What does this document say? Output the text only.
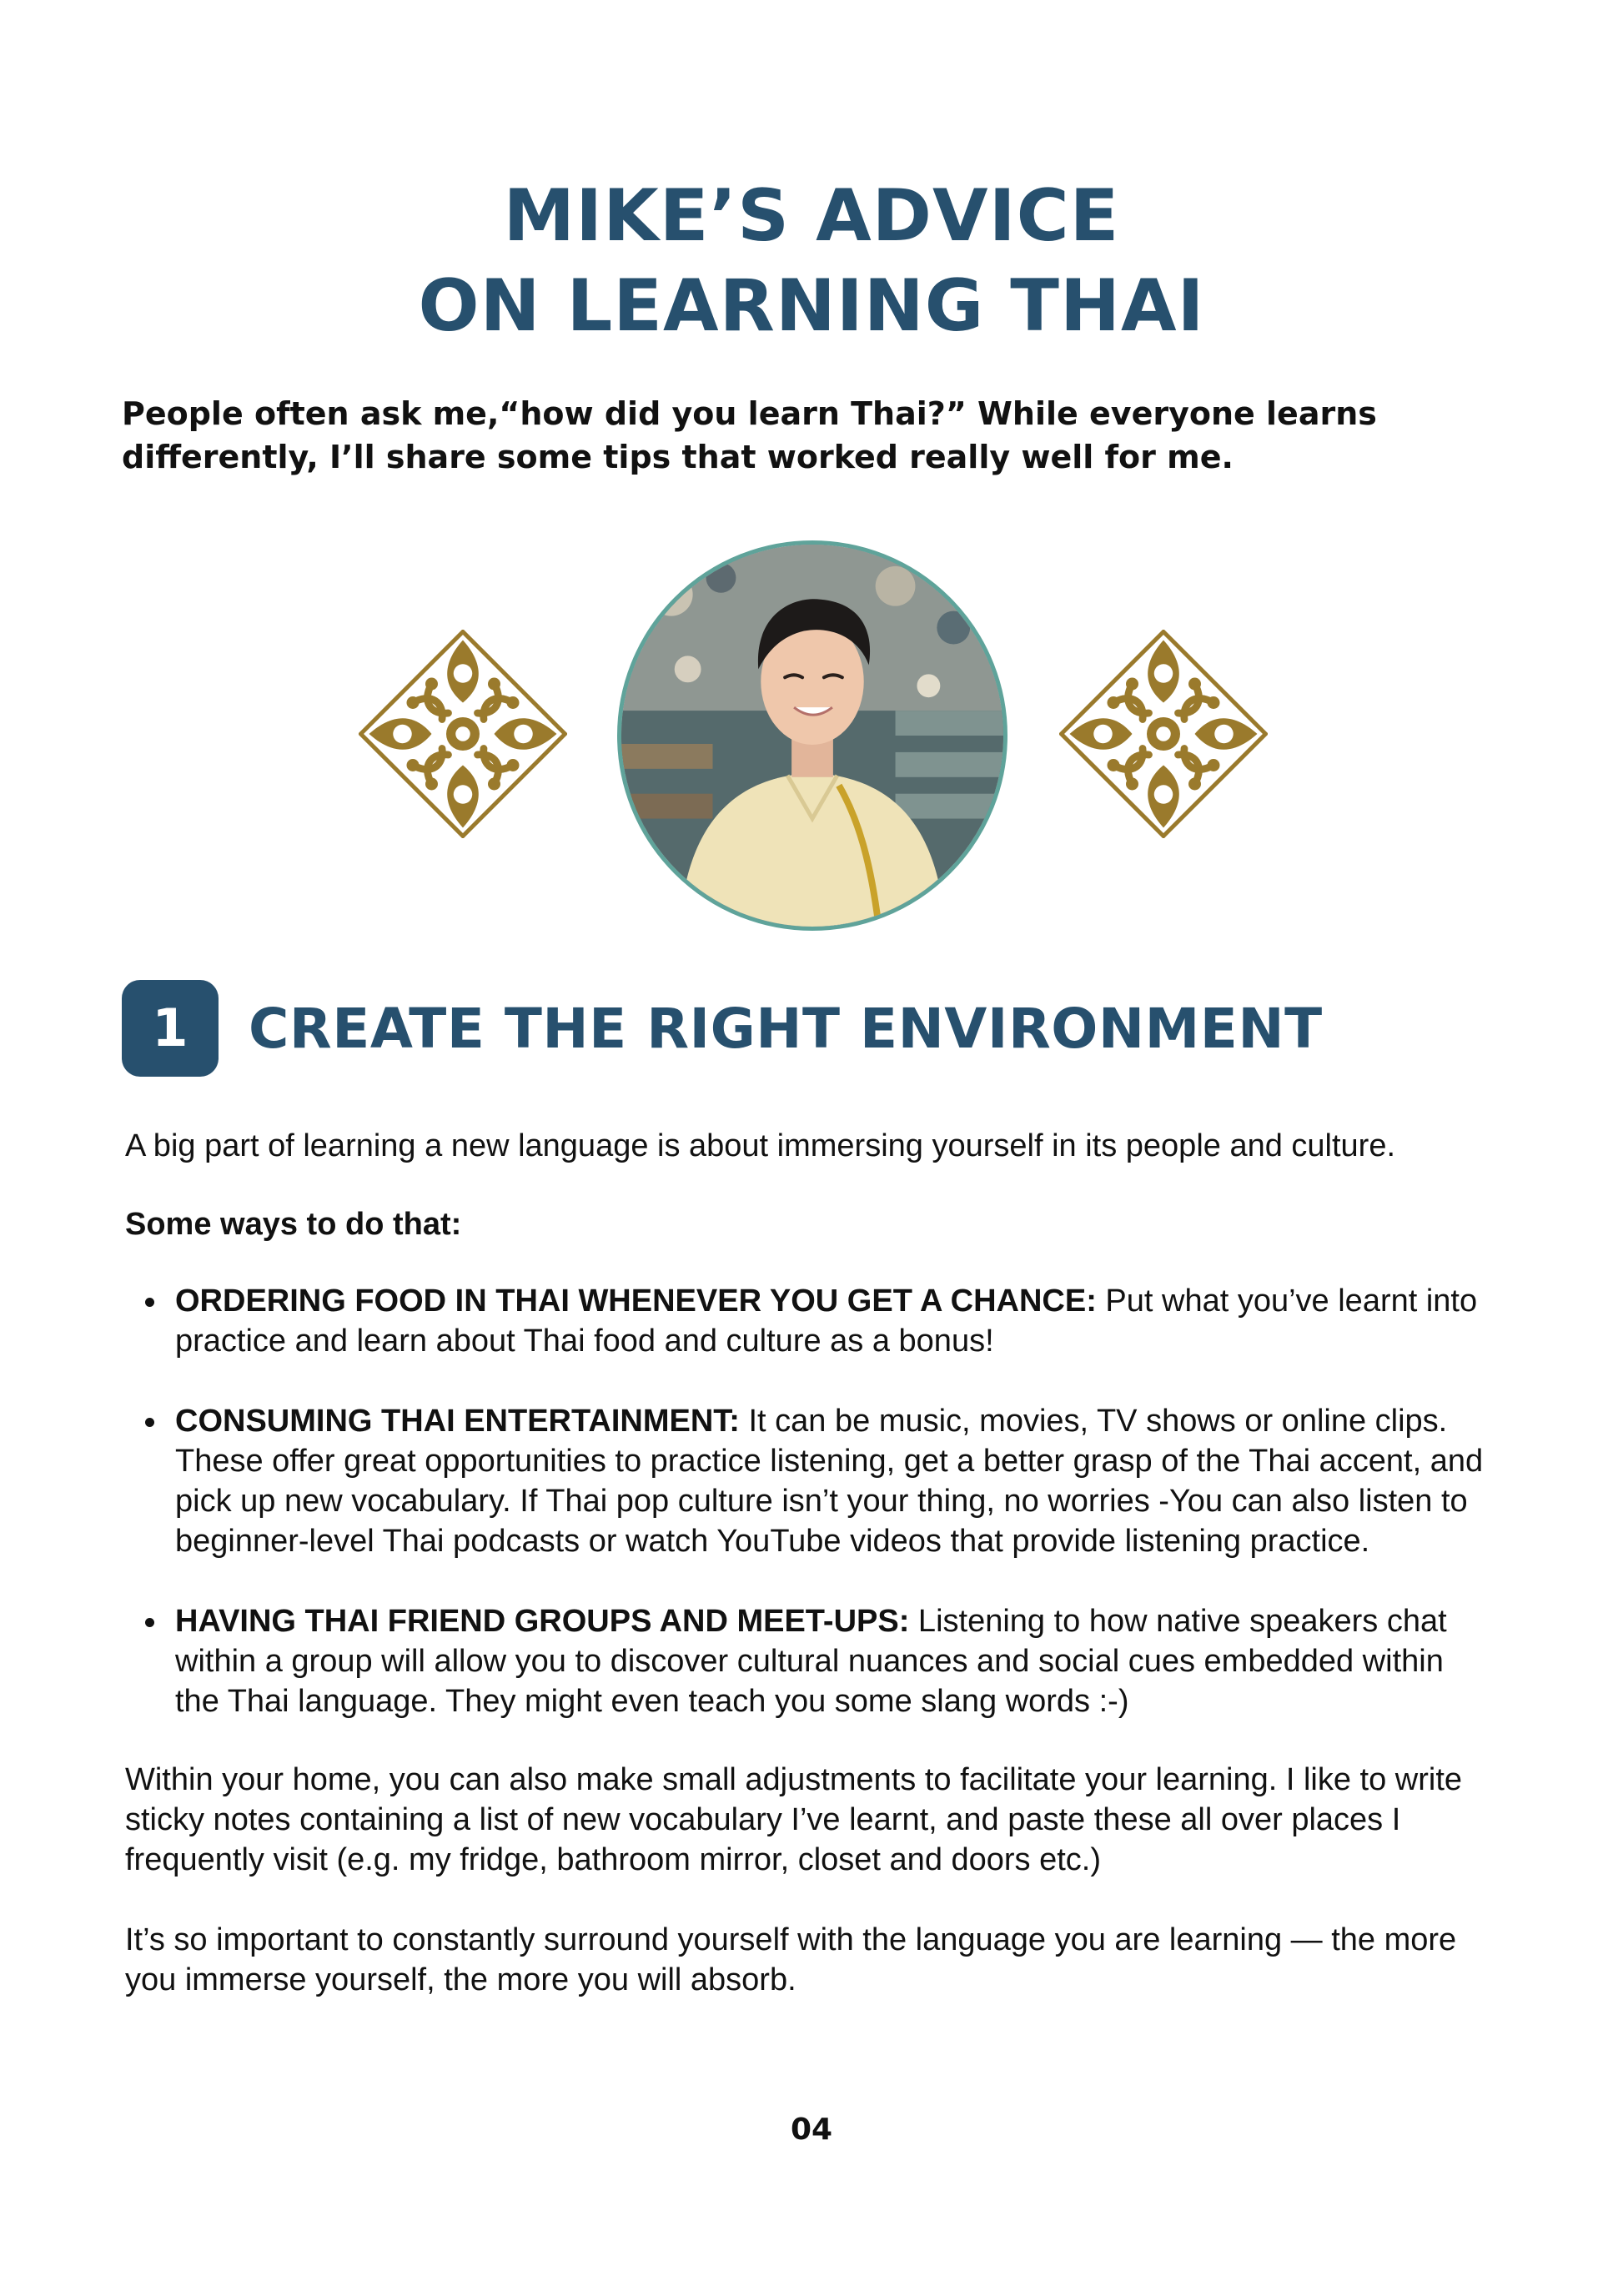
MIKE’S ADVICE
ON LEARNING THAI

People often ask me,“how did you learn Thai?” While everyone learns differently, I’ll share some tips that worked really well for me.

1	CREATE THE RIGHT ENVIRONMENT

A big part of learning a new language is about immersing yourself in its people and culture.

Some ways to do that:

ORDERING FOOD IN THAI WHENEVER YOU GET A CHANCE: Put what you’ve learnt into practice and learn about Thai food and culture as a bonus!
CONSUMING THAI ENTERTAINMENT: It can be music, movies, TV shows or online clips. These offer great opportunities to practice listening, get a better grasp of the Thai accent, and pick up new vocabulary. If Thai pop culture isn’t your thing, no worries -You can also listen to beginner-level Thai podcasts or watch YouTube videos that provide listening practice.
HAVING THAI FRIEND GROUPS AND MEET-UPS: Listening to how native speakers chat within a group will allow you to discover cultural nuances and social cues embedded within the Thai language. They might even teach you some slang words :-)

Within your home, you can also make small adjustments to facilitate your learning. I like to write sticky notes containing a list of new vocabulary I’ve learnt, and paste these all over places I frequently visit (e.g. my fridge, bathroom mirror, closet and doors etc.)

It’s so important to constantly surround yourself with the language you are learning — the more you immerse yourself, the more you will absorb.

04
